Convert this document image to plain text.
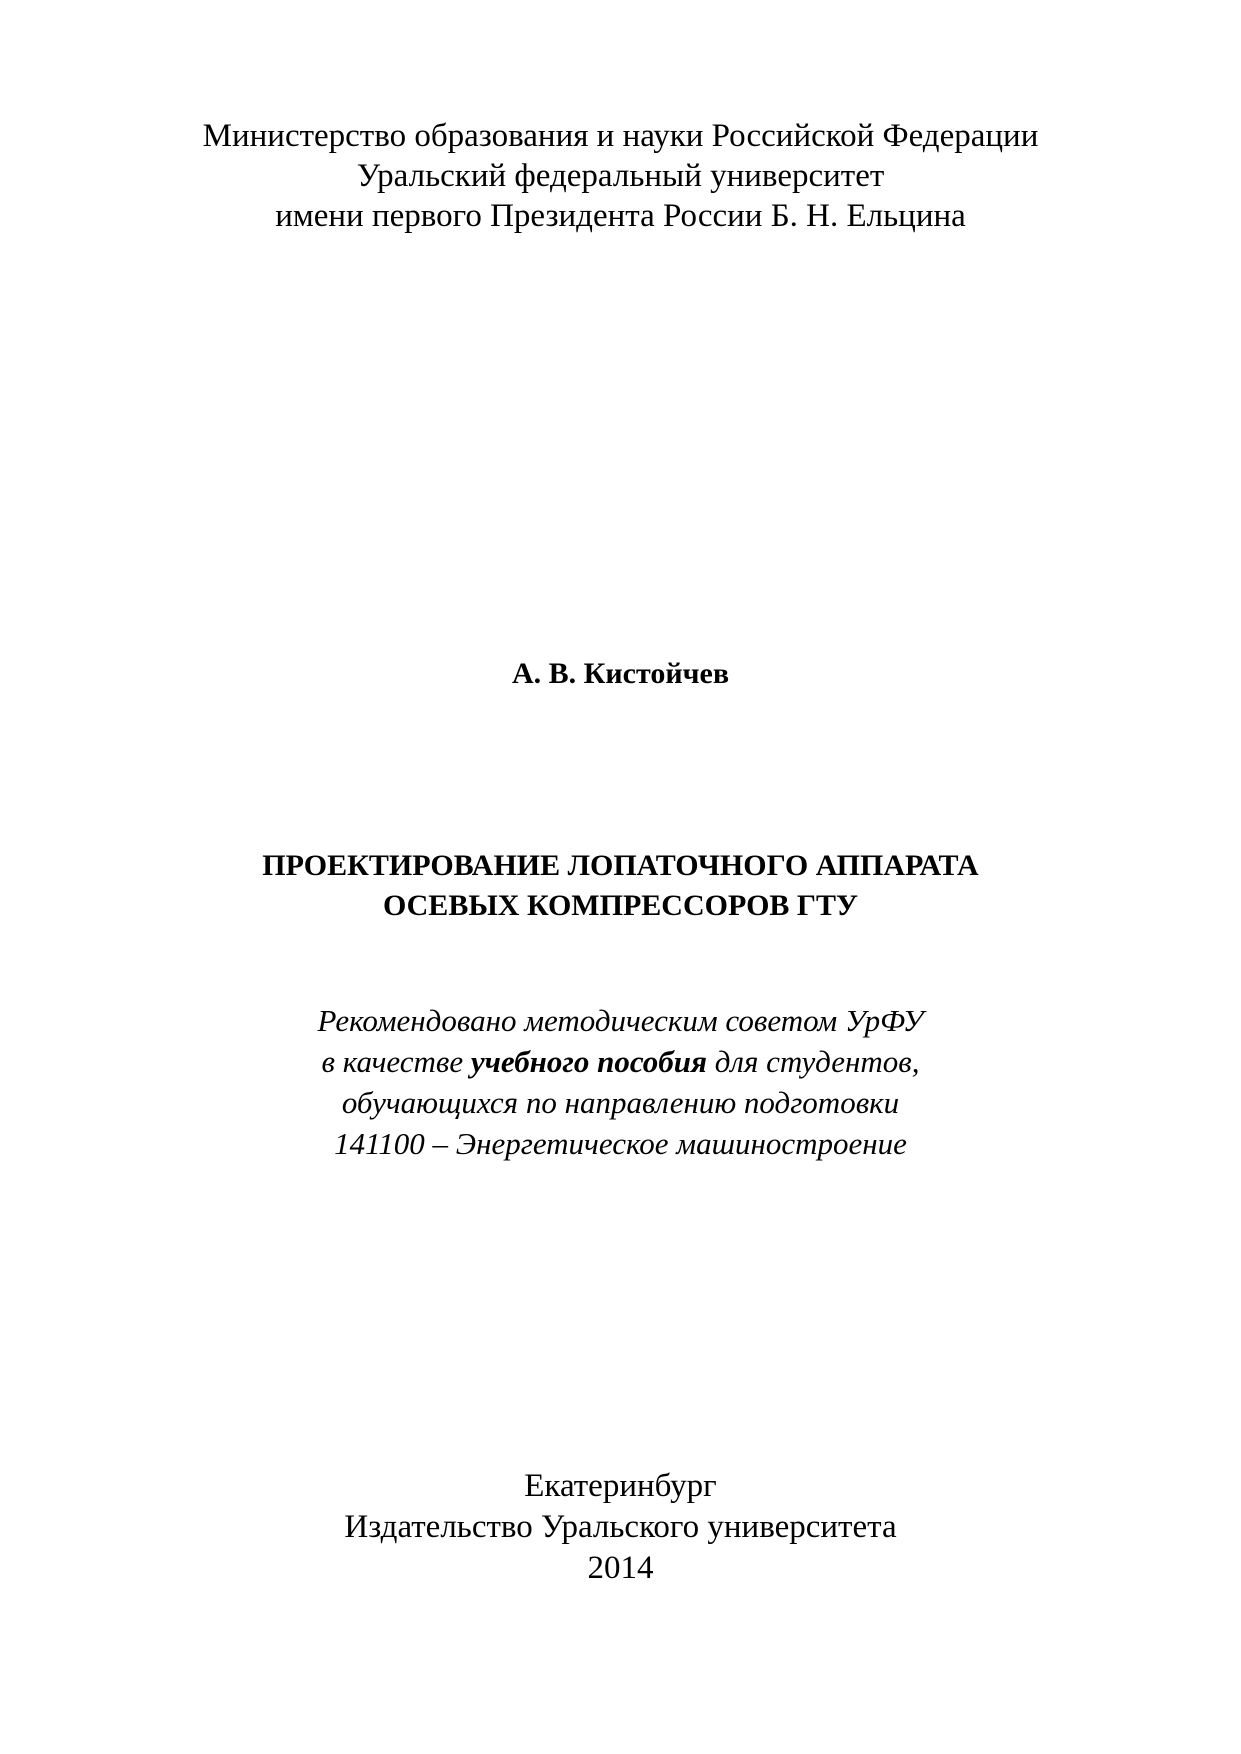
Министерство образования и науки Российской Федерации
Уральский федеральный университет
имени первого Президента России Б. Н. Ельцина
А. В. Кистойчев
ПРОЕКТИРОВАНИЕ ЛОПАТОЧНОГО АППАРАТА
ОСЕВЫХ КОМПРЕССОРОВ ГТУ
Рекомендовано методическим советом УрФУ
в качестве учебного пособия для студентов,
обучающихся по направлению подготовки
141100 – Энергетическое машиностроение
Екатеринбург
Издательство Уральского университета
2014
